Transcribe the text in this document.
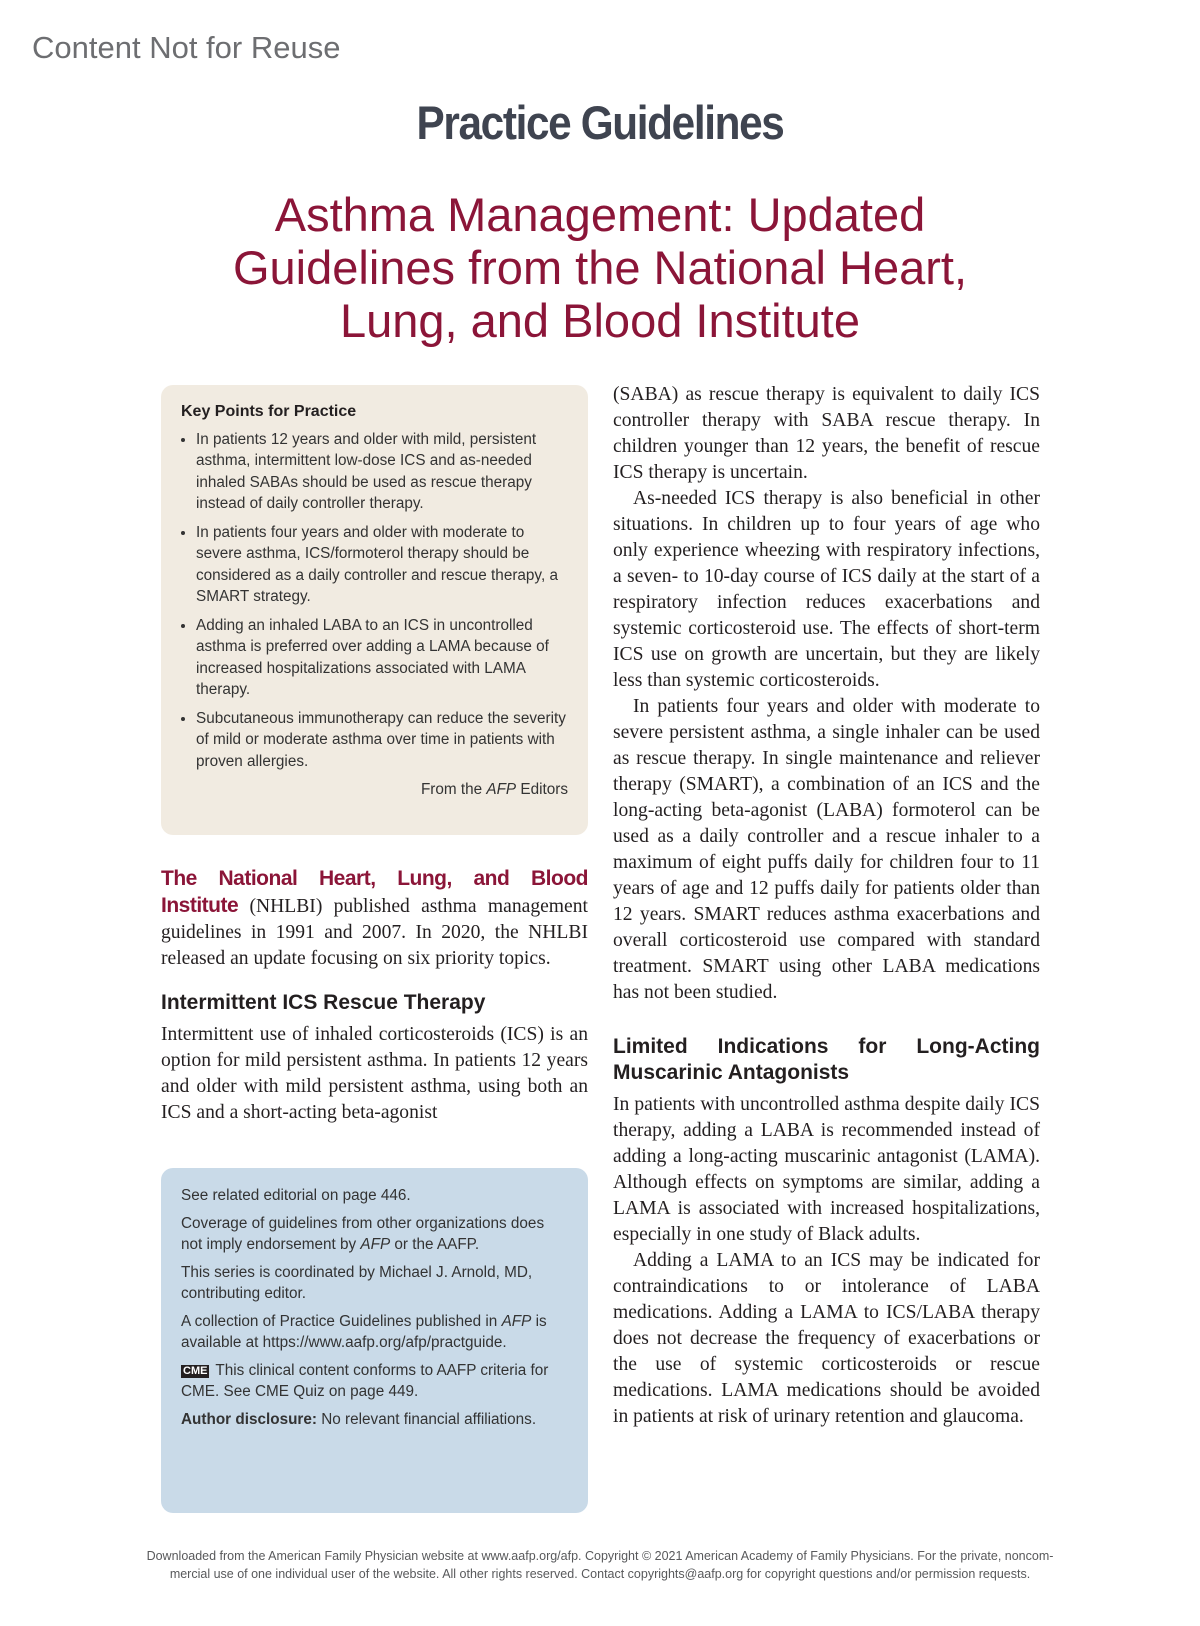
Content Not for Reuse
Practice Guidelines
Asthma Management: Updated
Guidelines from the National Heart,
Lung, and Blood Institute
Key Points for Practice
• In patients 12 years and older with mild, persistent asthma, intermittent low-dose ICS and as-needed inhaled SABAs should be used as rescue therapy instead of daily controller therapy.
• In patients four years and older with moderate to severe asthma, ICS/formoterol therapy should be considered as a daily controller and rescue therapy, a SMART strategy.
• Adding an inhaled LABA to an ICS in uncontrolled asthma is preferred over adding a LAMA because of increased hospitalizations associated with LAMA therapy.
• Subcutaneous immunotherapy can reduce the severity of mild or moderate asthma over time in patients with proven allergies.
From the AFP Editors

The National Heart, Lung, and Blood Institute (NHLBI) published asthma management guidelines in 1991 and 2007. In 2020, the NHLBI released an update focusing on six priority topics.

Intermittent ICS Rescue Therapy

Intermittent use of inhaled corticosteroids (ICS) is an option for mild persistent asthma. In patients 12 years and older with mild persistent asthma, using both an ICS and a short-acting beta-agonist

(SABA) as rescue therapy is equivalent to daily ICS controller therapy with SABA rescue therapy. In children younger than 12 years, the benefit of rescue ICS therapy is uncertain.

As-needed ICS therapy is also beneficial in other situations. In children up to four years of age who only experience wheezing with respiratory infections, a seven- to 10-day course of ICS daily at the start of a respiratory infection reduces exacerbations and systemic corticosteroid use. The effects of short-term ICS use on growth are uncertain, but they are likely less than systemic corticosteroids.

In patients four years and older with moderate to severe persistent asthma, a single inhaler can be used as rescue therapy. In single maintenance and reliever therapy (SMART), a combination of an ICS and the long-acting beta-agonist (LABA) formoterol can be used as a daily controller and a rescue inhaler to a maximum of eight puffs daily for children four to 11 years of age and 12 puffs daily for patients older than 12 years. SMART reduces asthma exacerbations and overall corticosteroid use compared with standard treatment. SMART using other LABA medications has not been studied.

Limited Indications for Long-Acting Muscarinic Antagonists

In patients with uncontrolled asthma despite daily ICS therapy, adding a LABA is recommended instead of adding a long-acting muscarinic antagonist (LAMA). Although effects on symptoms are similar, adding a LAMA is associated with increased hospitalizations, especially in one study of Black adults.

Adding a LAMA to an ICS may be indicated for contraindications to or intolerance of LABA medications. Adding a LAMA to ICS/LABA therapy does not decrease the frequency of exacerbations or the use of systemic corticosteroids or rescue medications. LAMA medications should be avoided in patients at risk of urinary retention and glaucoma.

See related editorial on page 446.

Coverage of guidelines from other organizations does not imply endorsement by AFP or the AAFP.

This series is coordinated by Michael J. Arnold, MD, contributing editor.

A collection of Practice Guidelines published in AFP is available at https://www.aafp.org/afp/practguide.

CME This clinical content conforms to AAFP criteria for CME. See CME Quiz on page 449.

Author disclosure: No relevant financial affiliations.

Downloaded from the American Family Physician website at www.aafp.org/afp. Copyright © 2021 American Academy of Family Physicians. For the private, noncom-
mercial use of one individual user of the website. All other rights reserved. Contact copyrights@aafp.org for copyright questions and/or permission requests.
